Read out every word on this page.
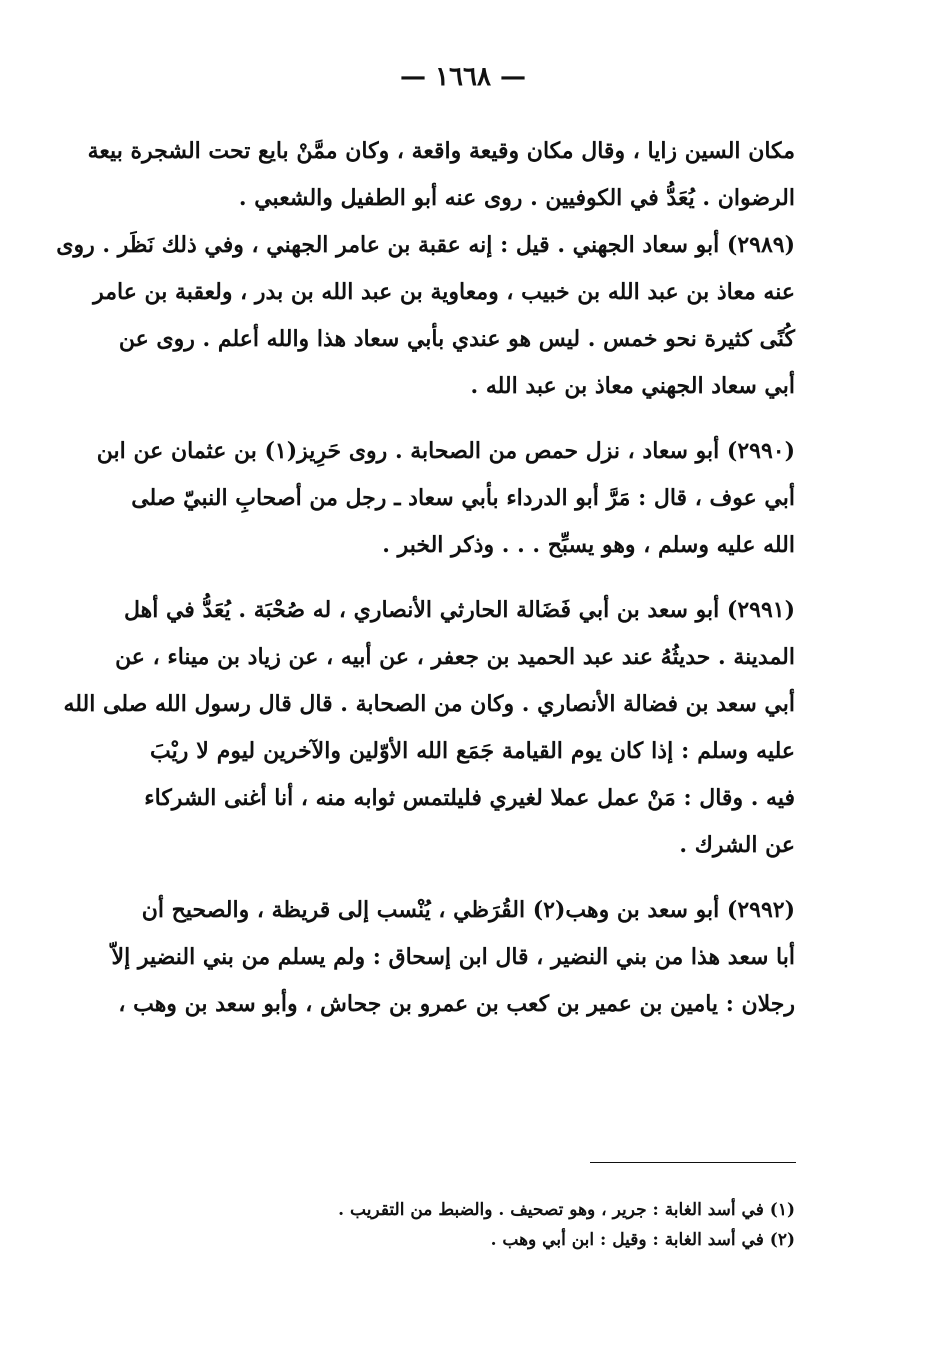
— ١٦٦٨ —
مكان السين زايا ، وقال مكان وقيعة واقعة ، وكان ممَّنْ بايع تحت الشجرة بيعة
الرضوان . يُعَدُّ في الكوفيين . روى عنه أبو الطفيل والشعبي .
(٢٩٨٩) أبو سعاد الجهني . قيل : إنه عقبة بن عامر الجهني ، وفي ذلك نَظَر . روى
عنه معاذ بن عبد الله بن خبيب ، ومعاوية بن عبد الله بن بدر ، ولعقبة بن عامر
كُنًى كثيرة نحو خمس . ليس هو عندي بأبي سعاد هذا والله أعلم . روى عن
أبي سعاد الجهني معاذ بن عبد الله .
(٢٩٩٠) أبو سعاد ، نزل حمص من الصحابة . روى حَرِيز(١) بن عثمان عن ابن
أبي عوف ، قال : مَرَّ أبو الدرداء بأبي سعاد ـ رجل من أصحابِ النبيّ صلى
الله عليه وسلم ، وهو يسبِّح . . . وذكر الخبر .
(٢٩٩١) أبو سعد بن أبي فَضَالة الحارثي الأنصاري ، له صُحْبَة . يُعَدُّ في أهل
المدينة . حديثُهُ عند عبد الحميد بن جعفر ، عن أبيه ، عن زياد بن ميناء ، عن
أبي سعد بن فضالة الأنصاري . وكان من الصحابة . قال قال رسول الله صلى الله
عليه وسلم : إذا كان يوم القيامة جَمَع الله الأوّلين والآخرين ليوم لا ريْبَ
فيه . وقال : مَنْ عمل عملا لغيري فليلتمس ثوابه منه ، أنا أغنى الشركاء
عن الشرك .
(٢٩٩٢) أبو سعد بن وهب(٢) القُرَظي ، يُنْسب إلى قريظة ، والصحيح أن
أبا سعد هذا من بني النضير ، قال ابن إسحاق : ولم يسلم من بني النضير إلاّ
رجلان : يامين بن عمير بن كعب بن عمرو بن جحاش ، وأبو سعد بن وهب ،
(١) في أسد الغابة : جرير ، وهو تصحيف . والضبط من التقريب .
(٢) في أسد الغابة : وقيل : ابن أبي وهب .
